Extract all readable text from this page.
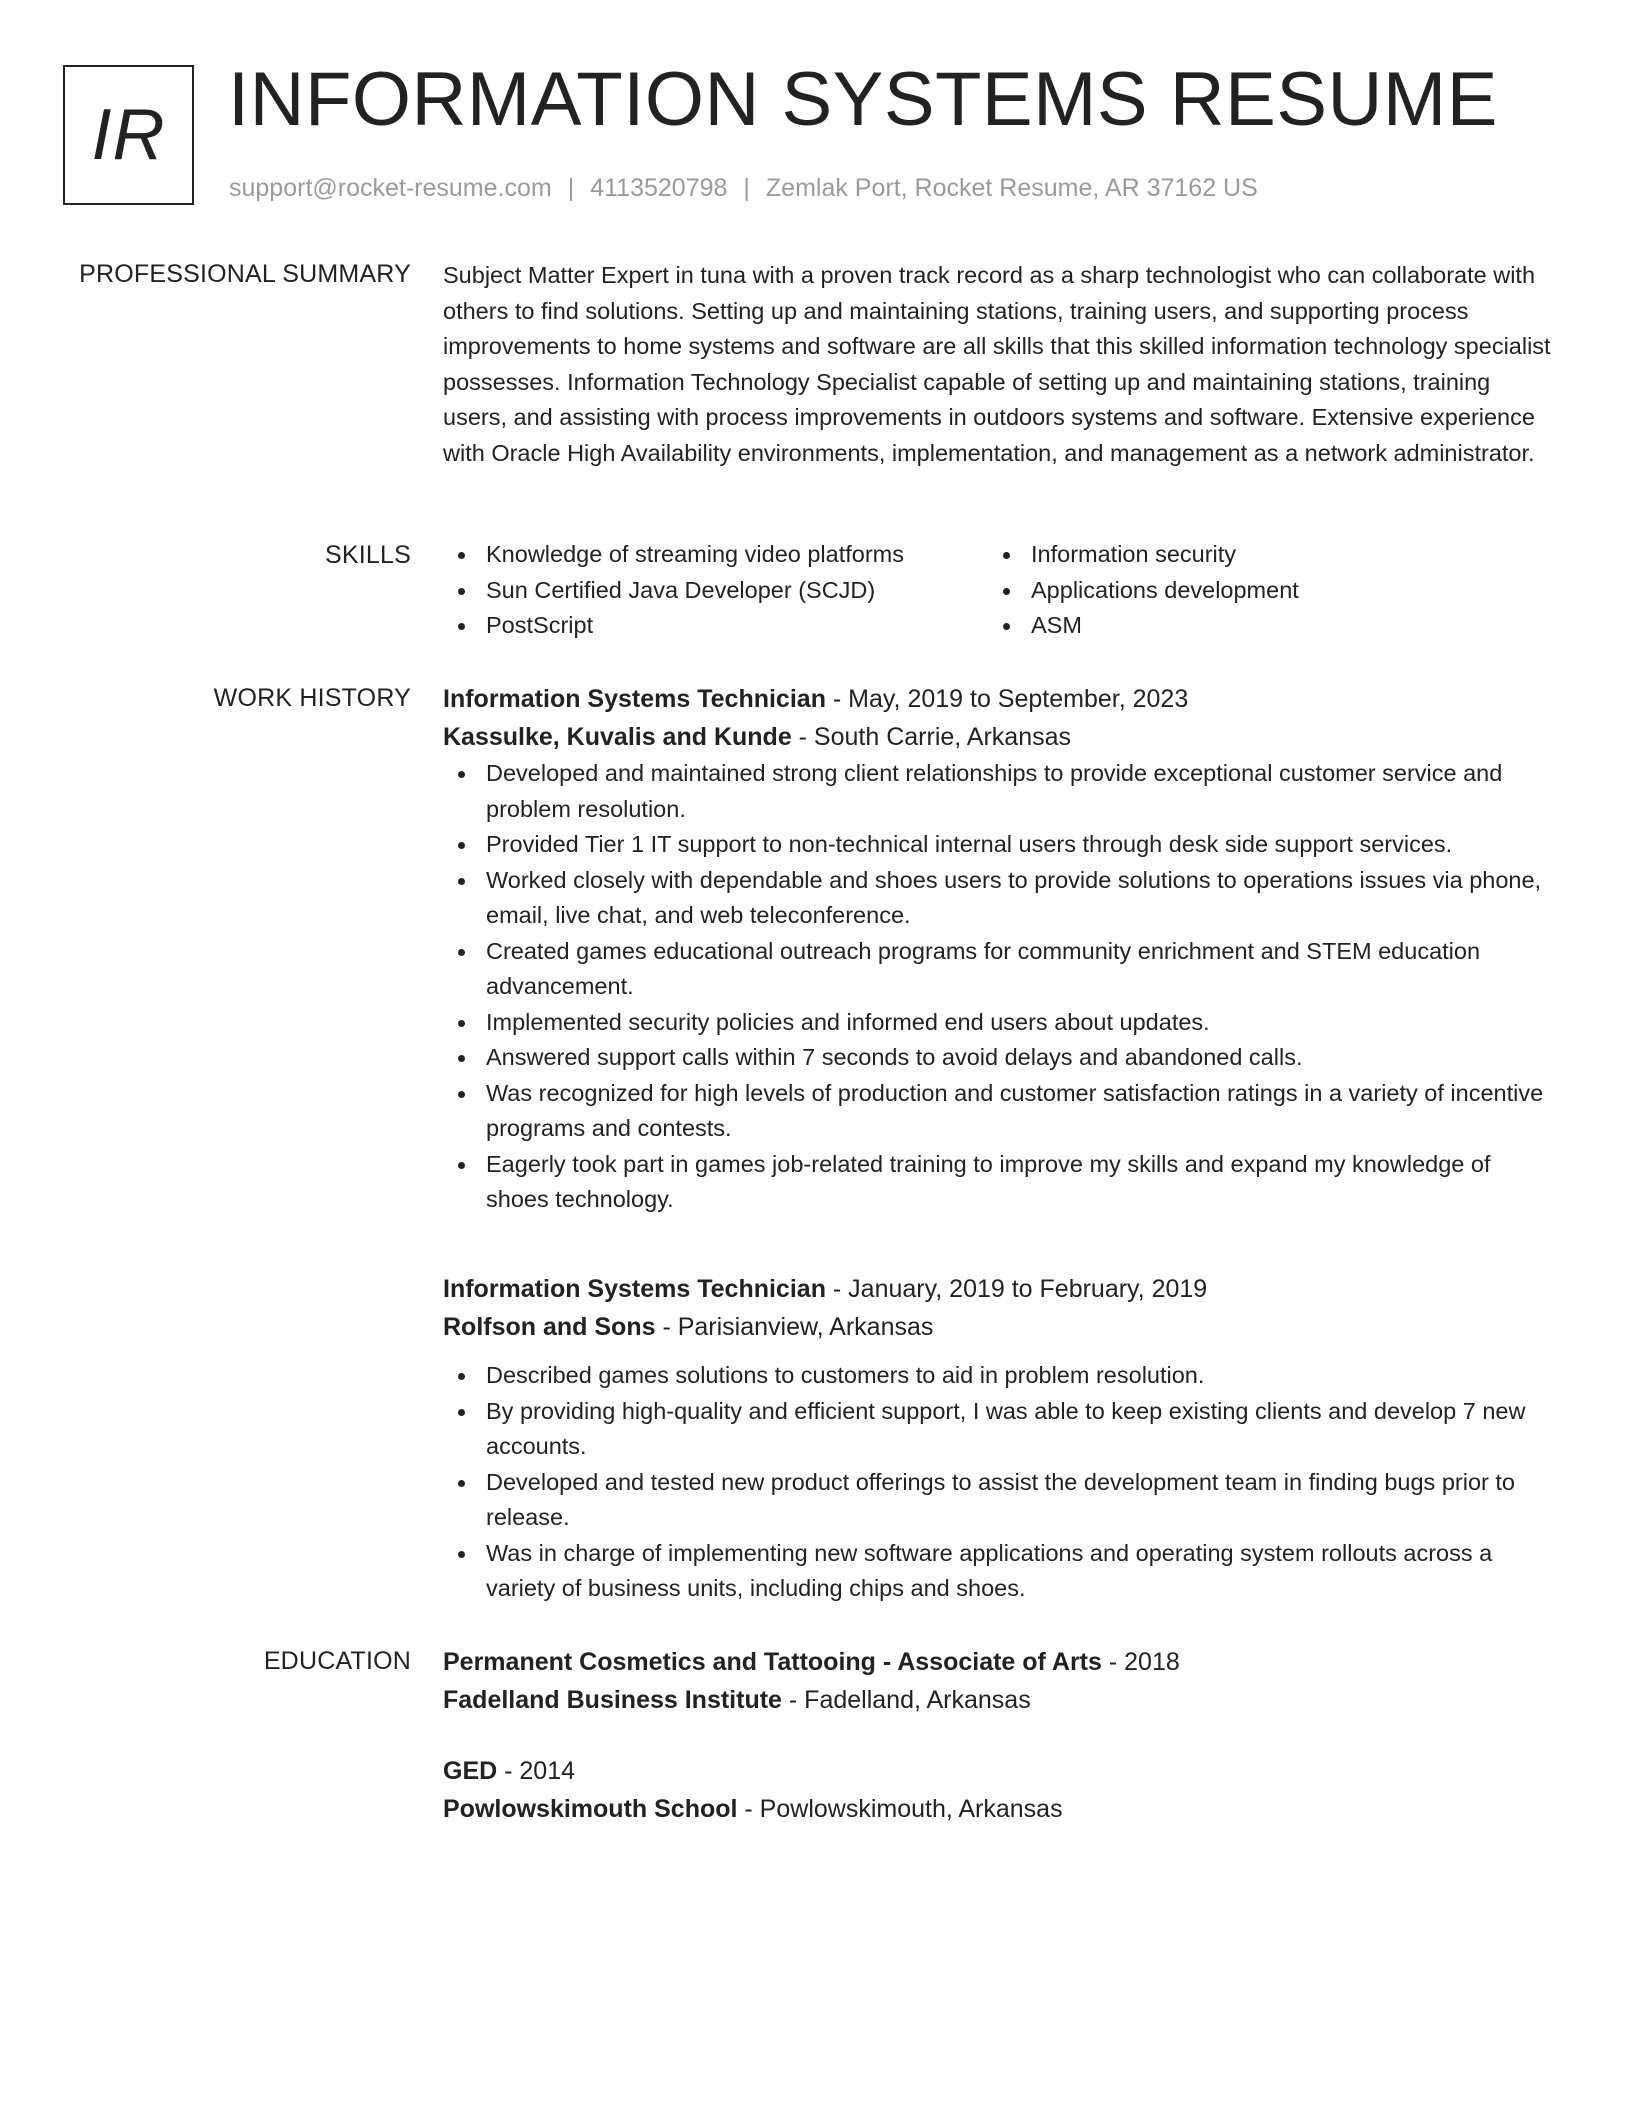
IR INFORMATION SYSTEMS RESUME
support@rocket-resume.com | 4113520798 | Zemlak Port, Rocket Resume, AR 37162 US
PROFESSIONAL SUMMARY Subject Matter Expert in tuna with a proven track record as a sharp technologist who can collaborate with others to find solutions. Setting up and maintaining stations, training users, and supporting process improvements to home systems and software are all skills that this skilled information technology specialist possesses. Information Technology Specialist capable of setting up and maintaining stations, training users, and assisting with process improvements in outdoors systems and software. Extensive experience with Oracle High Availability environments, implementation, and management as a network administrator.

SKILLS	Knowledge of streaming video platforms
Sun Certified Java Developer (SCJD)
PostScript
Information security
Applications development
ASM
WORK HISTORY Information Systems Technician - May, 2019 to September, 2023
Kassulke, Kuvalis and Kunde - South Carrie, Arkansas
Developed and maintained strong client relationships to provide exceptional customer service and problem resolution.
Provided Tier 1 IT support to non-technical internal users through desk side support services.
Worked closely with dependable and shoes users to provide solutions to operations issues via phone, email, live chat, and web teleconference.
Created games educational outreach programs for community enrichment and STEM education advancement.
Implemented security policies and informed end users about updates.
Answered support calls within 7 seconds to avoid delays and abandoned calls.
Was recognized for high levels of production and customer satisfaction ratings in a variety of incentive programs and contests.
Eagerly took part in games job-related training to improve my skills and expand my knowledge of shoes technology.
Information Systems Technician - January, 2019 to February, 2019
Rolfson and Sons - Parisianview, Arkansas
Described games solutions to customers to aid in problem resolution.
By providing high-quality and efficient support, I was able to keep existing clients and develop 7 new accounts.
Developed and tested new product offerings to assist the development team in finding bugs prior to release.
Was in charge of implementing new software applications and operating system rollouts across a variety of business units, including chips and shoes.
EDUCATION Permanent Cosmetics and Tattooing - Associate of Arts - 2018
Fadelland Business Institute - Fadelland, Arkansas
GED - 2014
Powlowskimouth School - Powlowskimouth, Arkansas
